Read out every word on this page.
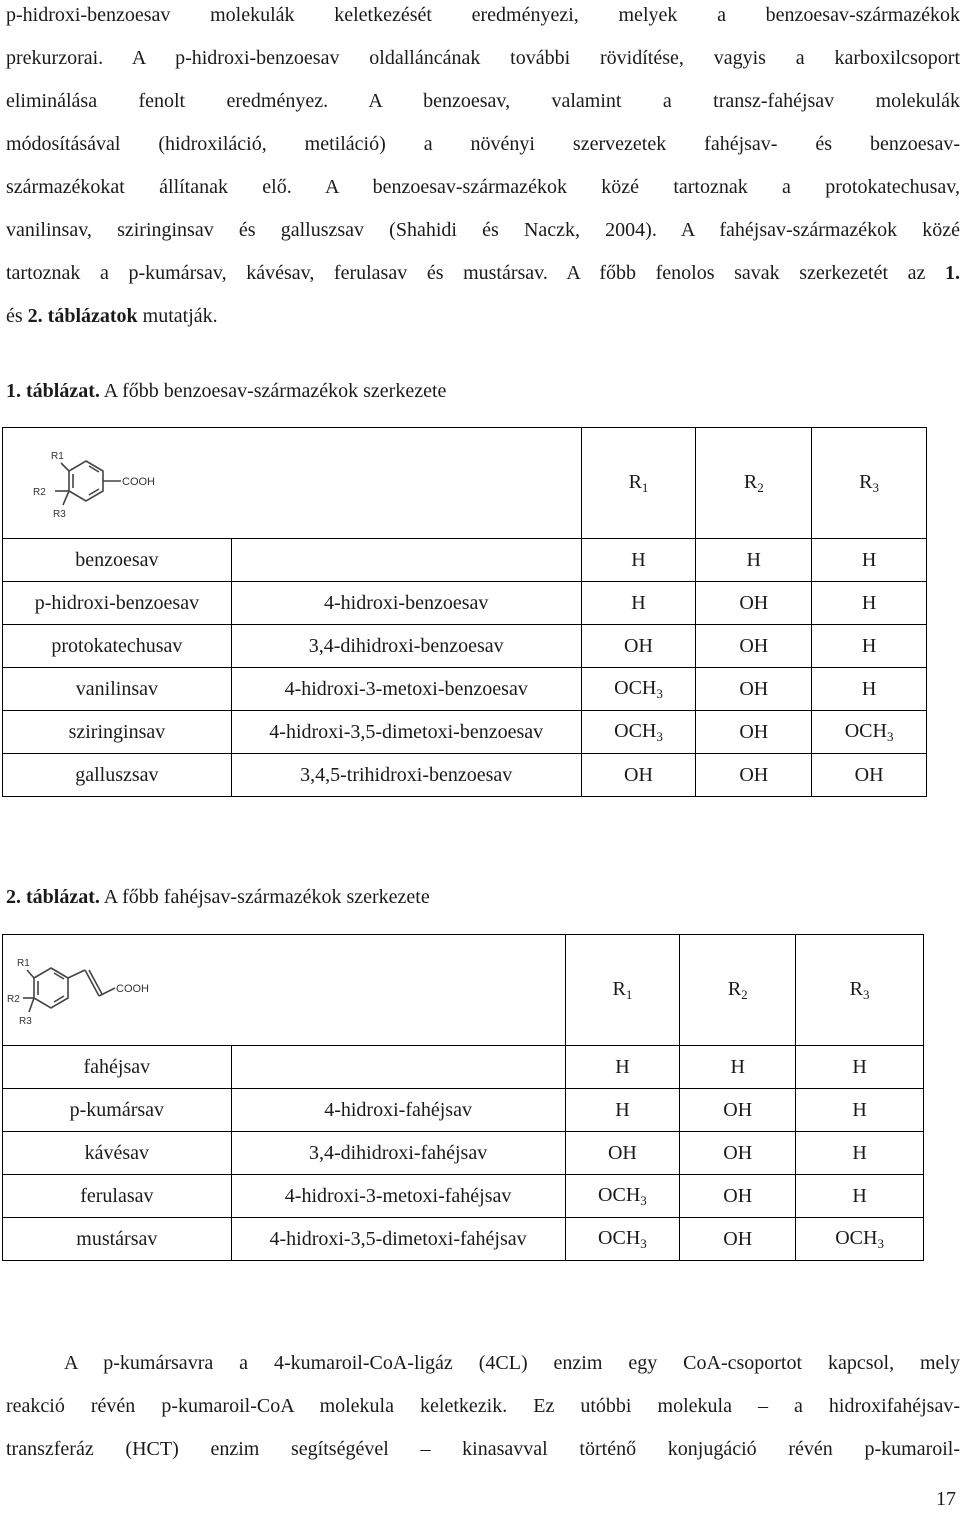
p-hidroxi-benzoesav molekulák keletkezését eredményezi, melyek a benzoesav-származékok
prekurzorai. A p-hidroxi-benzoesav oldalláncának további rövidítése, vagyis a karboxilcsoport
eliminálása fenolt eredményez. A benzoesav, valamint a transz-fahéjsav molekulák
módosításával (hidroxiláció, metiláció) a növényi szervezetek fahéjsav- és benzoesav-
származékokat állítanak elő. A benzoesav-származékok közé tartoznak a protokatechusav,
vanilinsav, sziringinsav és galluszsav (Shahidi és Naczk, 2004). A fahéjsav-származékok közé
tartoznak a p-kumársav, kávésav, ferulasav és mustársav. A főbb fenolos savak szerkezetét az 1.
és 2. táblázatok mutatják.

1. táblázat. A főbb benzoesav-származékok szerkezete

R1
R2
R3
COOH		$R_1$	$R_2$	$R_3$
benzoesav		H	H	H
p-hidroxi-benzoesav	4-hidroxi-benzoesav	H	OH	H
protokatechusav	3,4-dihidroxi-benzoesav	OH	OH	H
vanilinsav	4-hidroxi-3-metoxi-benzoesav	$OCH_3$	OH	H
sziringinsav	4-hidroxi-3,5-dimetoxi-benzoesav	$OCH_3$	OH	$OCH_3$
galluszsav	3,4,5-trihidroxi-benzoesav	OH	OH	OH

2. táblázat. A főbb fahéjsav-származékok szerkezete

R1
R2
R3
COOH		$R_1$	$R_2$	$R_3$
fahéjsav		H	H	H
p-kumársav	4-hidroxi-fahéjsav	H	OH	H
kávésav	3,4-dihidroxi-fahéjsav	OH	OH	H
ferulasav	4-hidroxi-3-metoxi-fahéjsav	$OCH_3$	OH	H
mustársav	4-hidroxi-3,5-dimetoxi-fahéjsav	$OCH_3$	OH	$OCH_3$
A p-kumársavra a 4-kumaroil-CoA-ligáz (4CL) enzim egy CoA-csoportot kapcsol, mely
reakció révén p-kumaroil-CoA molekula keletkezik. Ez utóbbi molekula – a hidroxifahéjsav-
transzferáz (HCT) enzim segítségével – kinasavval történő konjugáció révén p-kumaroil-
17
